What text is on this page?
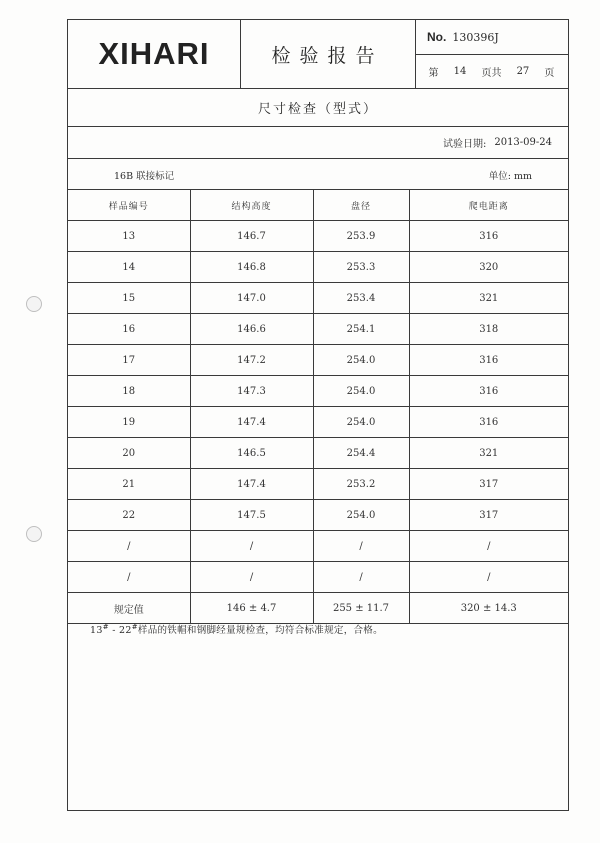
XIHARI	检验报告
No. 130396J
第 14 页共 27 页
尺寸检查（型式）
试验日期: 2013-09-24
16B 联接标记	单位: mm
样品编号	结构高度	盘径	爬电距离
13	146.7	253.9	316
14	146.8	253.3	320
15	147.0	253.4	321
16	146.6	254.1	318
17	147.2	254.0	316
18	147.3	254.0	316
19	147.4	254.0	316
20	146.5	254.4	321
21	147.4	253.2	317
22	147.5	254.0	317
/	/	/	/
/	/	/	/
规定值	146 ± 4.7	255 ± 11.7	320 ± 14.3
13# - 22#样品的铁帽和钢脚经量规检查，均符合标准规定，合格。
